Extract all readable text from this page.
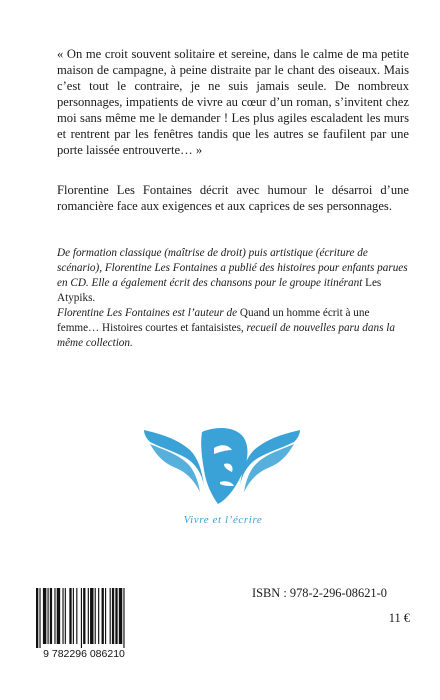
« On me croit souvent solitaire et sereine, dans le calme de ma petite maison de campagne, à peine distraite par le chant des oiseaux. Mais c’est tout le contraire, je ne suis jamais seule. De nombreux personnages, impatients de vivre au cœur d’un roman, s’invitent chez moi sans même me le demander ! Les plus agiles escaladent les murs et rentrent par les fenêtres tandis que les autres se faufilent par une porte laissée entrouverte… »

Florentine Les Fontaines décrit avec humour le désarroi d’une romancière face aux exigences et aux caprices de ses personnages.

De formation classique (maîtrise de droit) puis artistique (écriture de scénario), Florentine Les Fontaines a publié des histoires pour enfants parues en CD. Elle a également écrit des chansons pour le groupe itinérant Les Atypiks.

Florentine Les Fontaines est l’auteur de Quand un homme écrit à une femme… Histoires courtes et fantaisistes, recueil de nouvelles paru dans la même collection.

Vivre et l’écrire

9 782296 086210

ISBN : 978-2-296-08621-0

11 €
